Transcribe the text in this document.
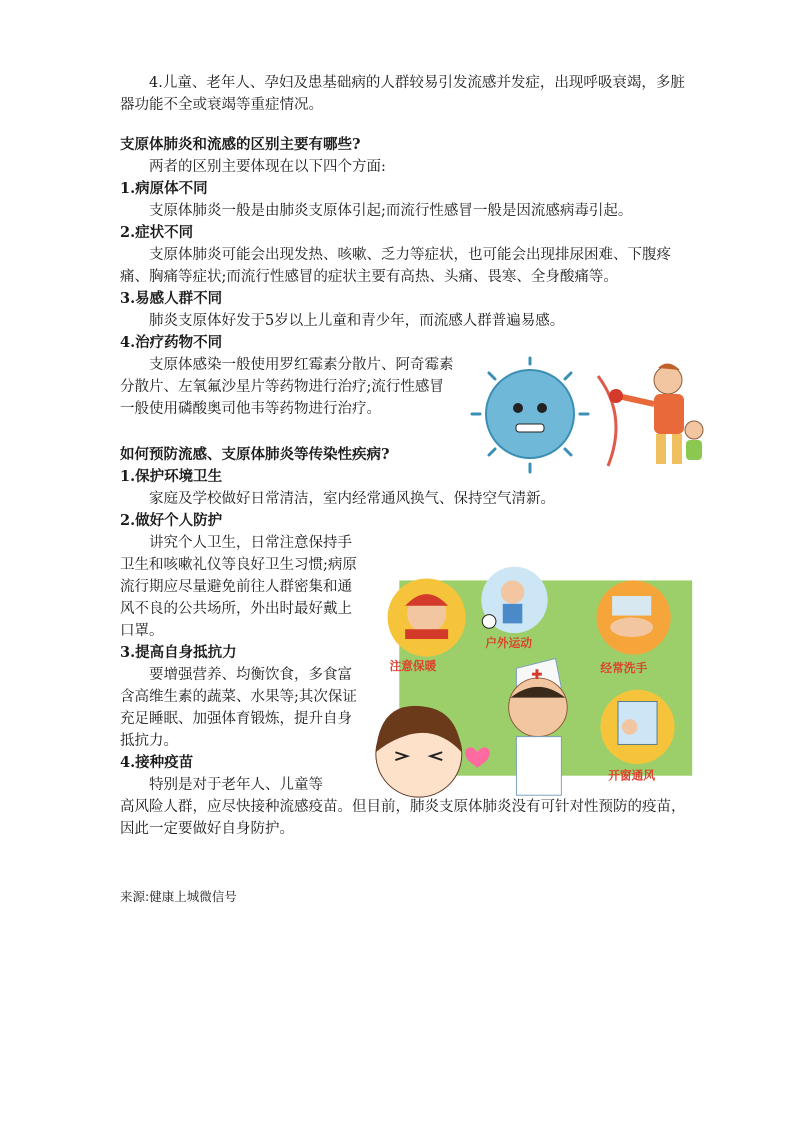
4.儿童、老年人、孕妇及患基础病的人群较易引发流感并发症，出现呼吸衰竭，多脏器功能不全或衰竭等重症情况。

支原体肺炎和流感的区别主要有哪些?

两者的区别主要体现在以下四个方面:

1.病原体不同

支原体肺炎一般是由肺炎支原体引起;而流行性感冒一般是因流感病毒引起。

2.症状不同

支原体肺炎可能会出现发热、咳嗽、乏力等症状，也可能会出现排尿困难、下腹疼痛、胸痛等症状;而流行性感冒的症状主要有高热、头痛、畏寒、全身酸痛等。

3.易感人群不同

肺炎支原体好发于5岁以上儿童和青少年，而流感人群普遍易感。

4.治疗药物不同

支原体感染一般使用罗红霉素分散片、阿奇霉素分散片、左氧氟沙星片等药物进行治疗;流行性感冒一般使用磷酸奥司他韦等药物进行治疗。

如何预防流感、支原体肺炎等传染性疾病?

1.保护环境卫生

家庭及学校做好日常清洁，室内经常通风换气、保持空气清新。

2.做好个人防护

讲究个人卫生，日常注意保持手卫生和咳嗽礼仪等良好卫生习惯;病原流行期应尽量避免前往人群密集和通风不良的公共场所，外出时最好戴上口罩。

3.提高自身抵抗力

要增强营养、均衡饮食，多食富含高维生素的蔬菜、水果等;其次保证充足睡眠、加强体育锻炼，提升自身抵抗力。

4.接种疫苗

特别是对于老年人、儿童等

高风险人群，应尽快接种流感疫苗。但目前，肺炎支原体肺炎没有可针对性预防的疫苗，因此一定要做好自身防护。

注意保暖
户外运动
经常洗手
开窗通风
来源:健康上城微信号
